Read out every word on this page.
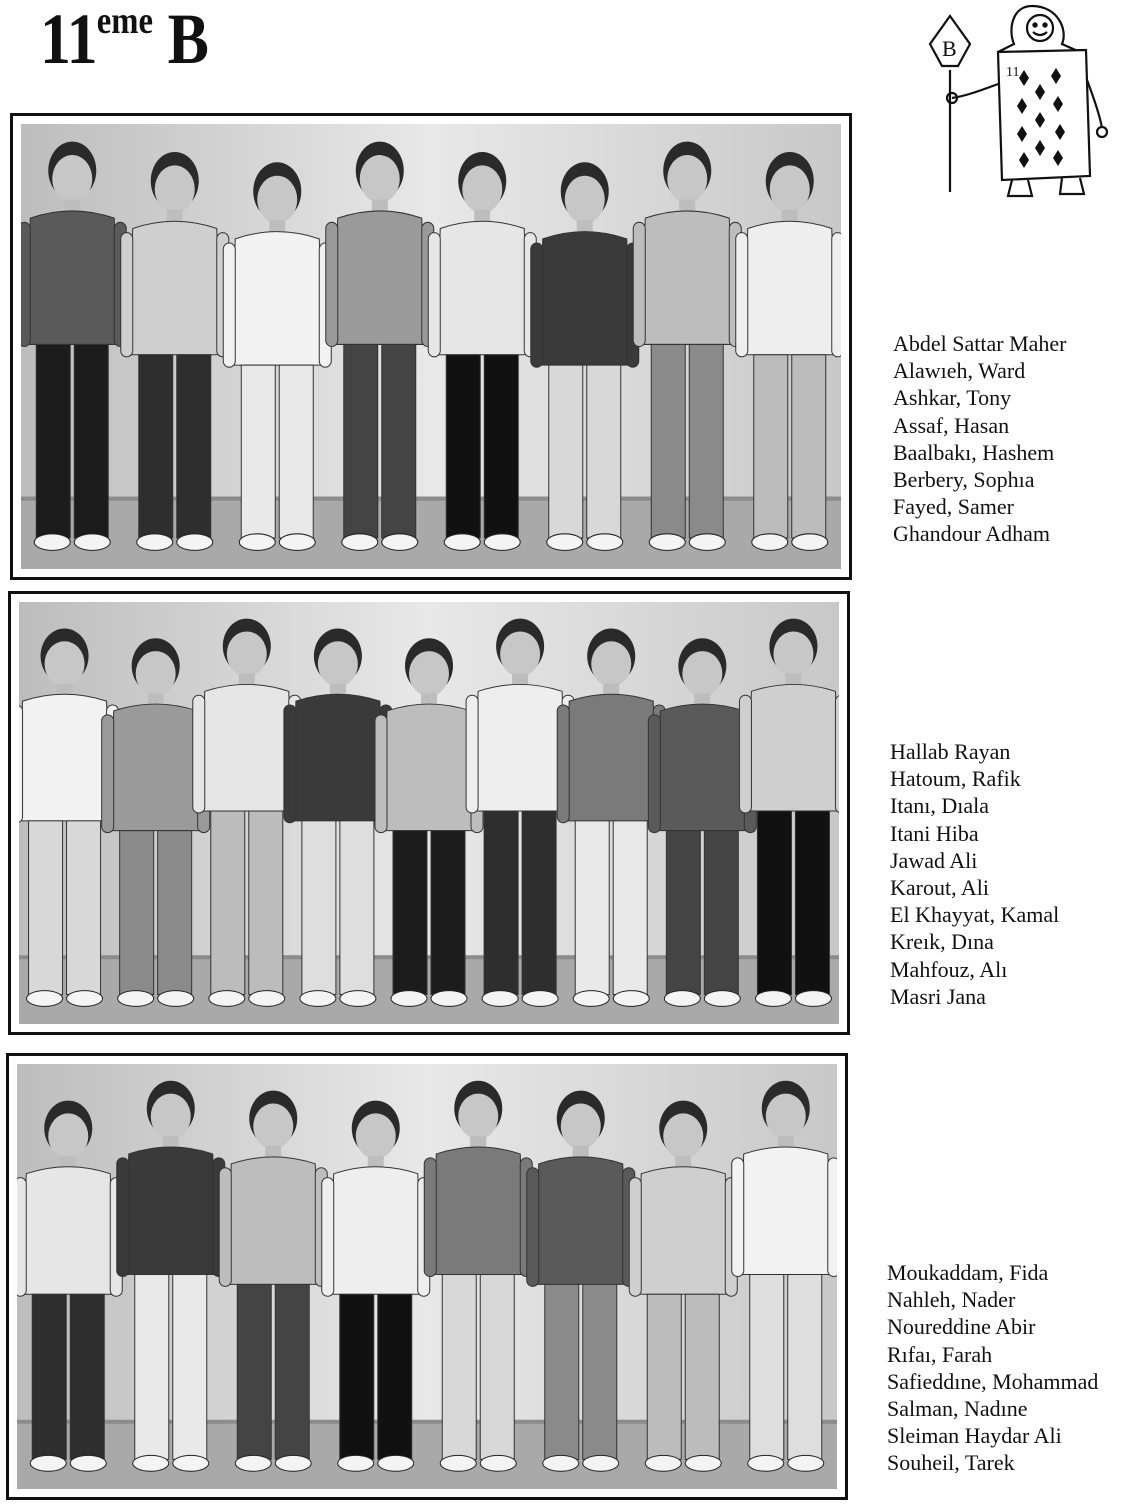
11eme B	B
11
Abdel Sattar Maher
Alawıeh, Ward
Ashkar, Tony
Assaf, Hasan
Baalbakı, Hashem
Berbery, Sophıa
Fayed, Samer
Ghandour Adham
Hallab Rayan
Hatoum, Rafik
Itanı, Dıala
Itani Hiba
Jawad Ali
Karout, Ali
El Khayyat, Kamal
Kreık, Dına
Mahfouz, Alı
Masri Jana
Moukaddam, Fida
Nahleh, Nader
Noureddine Abir
Rıfaı, Farah
Safieddıne, Mohammad
Salman, Nadıne
Sleiman Haydar Ali
Souheil, Tarek
